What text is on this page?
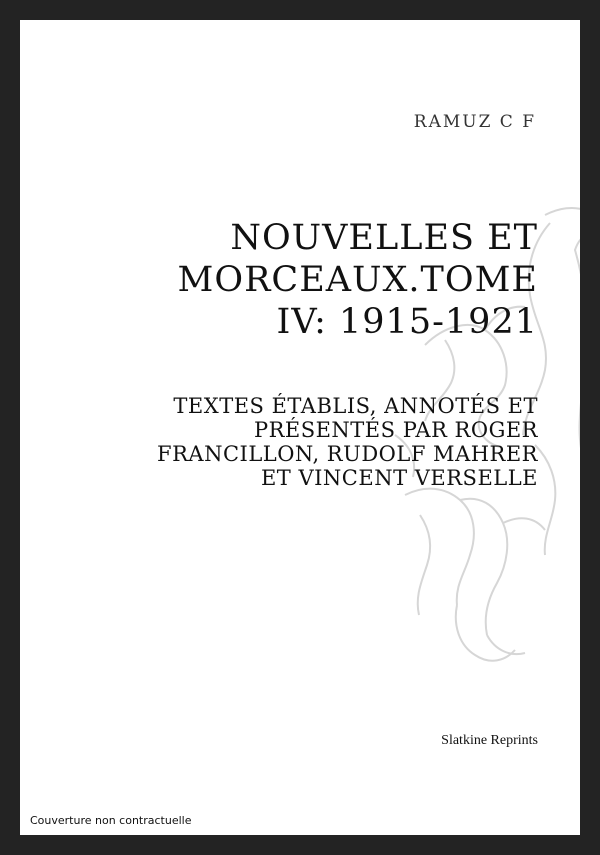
RAMUZ C F
NOUVELLES ET
MORCEAUX.TOME
IV: 1915-1921
TEXTES ÉTABLIS, ANNOTÉS ET
PRÉSENTÉS PAR ROGER
FRANCILLON, RUDOLF MAHRER
ET VINCENT VERSELLE
Slatkine Reprints
Couverture non contractuelle
